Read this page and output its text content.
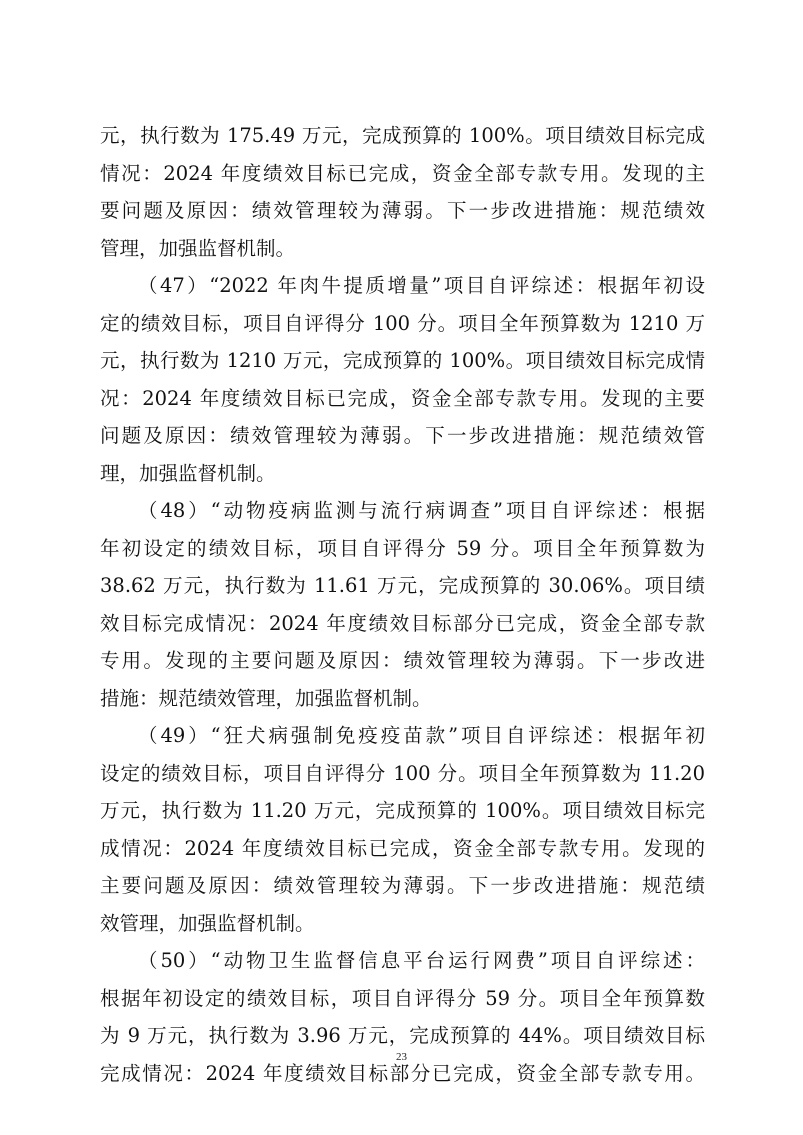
元，执行数为 175.49 万元，完成预算的 100%。项目绩效目标完成
情况：2024 年度绩效目标已完成，资金全部专款专用。发现的主
要问题及原因：绩效管理较为薄弱。下一步改进措施：规范绩效
管理，加强监督机制。
（47）“2022 年肉牛提质增量”项目自评综述：根据年初设
定的绩效目标，项目自评得分 100 分。项目全年预算数为 1210 万
元，执行数为 1210 万元，完成预算的 100%。项目绩效目标完成情
况：2024 年度绩效目标已完成，资金全部专款专用。发现的主要
问题及原因：绩效管理较为薄弱。下一步改进措施：规范绩效管
理，加强监督机制。
（48）“动物疫病监测与流行病调查”项目自评综述：根据
年初设定的绩效目标，项目自评得分 59 分。项目全年预算数为
38.62 万元，执行数为 11.61 万元，完成预算的 30.06%。项目绩
效目标完成情况：2024 年度绩效目标部分已完成，资金全部专款
专用。发现的主要问题及原因：绩效管理较为薄弱。下一步改进
措施：规范绩效管理，加强监督机制。
（49）“狂犬病强制免疫疫苗款”项目自评综述：根据年初
设定的绩效目标，项目自评得分 100 分。项目全年预算数为 11.20
万元，执行数为 11.20 万元，完成预算的 100%。项目绩效目标完
成情况：2024 年度绩效目标已完成，资金全部专款专用。发现的
主要问题及原因：绩效管理较为薄弱。下一步改进措施：规范绩
效管理，加强监督机制。
（50）“动物卫生监督信息平台运行网费”项目自评综述：
根据年初设定的绩效目标，项目自评得分 59 分。项目全年预算数
为 9 万元，执行数为 3.96 万元，完成预算的 44%。项目绩效目标
完成情况：2024 年度绩效目标部分已完成，资金全部专款专用。
23
